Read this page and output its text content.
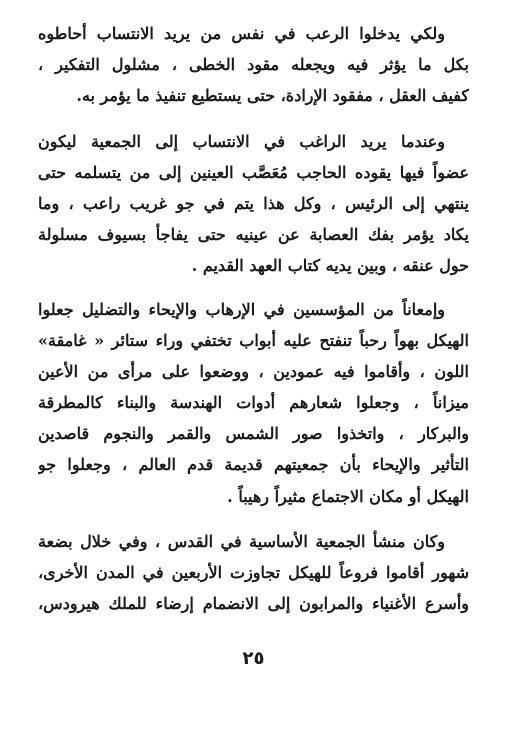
ولكي يدخلوا الرعب في نفس من يريد الانتساب أحاطوه
بكل ما يؤثر فيه ويجعله مقود الخطى ، مشلول التفكير ،
كفيف العقل ، مفقود الإرادة، حتى يستطيع تنفيذ ما يؤمر به.

وعندما يريد الراغب في الانتساب إلى الجمعية ليكون
عضواً فيها يقوده الحاجب مُعَصَّب العينين إلى من يتسلمه حتى
ينتهي إلى الرئيس ، وكل هذا يتم في جو غريب راعب ، وما
يكاد يؤمر بفك العصابة عن عينيه حتى يفاجأ بسيوف مسلولة
حول عنقه ، وبين يديه كتاب العهد القديم .

وإمعاناً من المؤسسين في الإرهاب والإيحاء والتضليل جعلوا
الهيكل بهواً رحباً تنفتح عليه أبواب تختفي وراء ستائر « غامقة»
اللون ، وأقاموا فيه عمودين ، ووضعوا على مرأى من الأعين
ميزاناً ، وجعلوا شعارهم أدوات الهندسة والبناء كالمطرقة
والبركار ، واتخذوا صور الشمس والقمر والنجوم قاصدين
التأثير والإيحاء بأن جمعيتهم قديمة قدم العالم ، وجعلوا جو
الهيكل أو مكان الاجتماع مثيراً رهيباً .

وكان منشأ الجمعية الأساسية في القدس ، وفي خلال بضعة
شهور أقاموا فروعاً للهيكل تجاوزت الأربعين في المدن الأخرى،
وأسرع الأغنياء والمرابون إلى الانضمام إرضاء للملك هيرودس،

٢٥
